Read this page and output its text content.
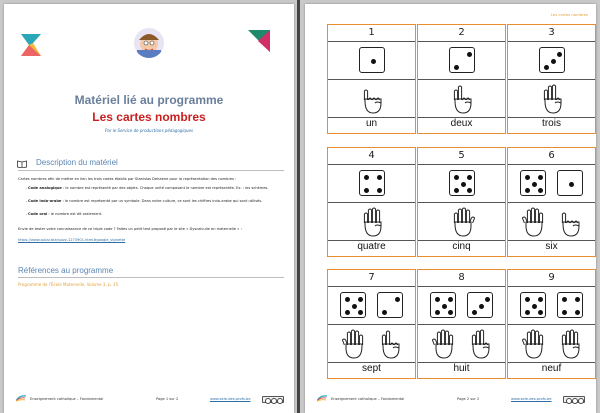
Matériel lié au programme
Les cartes nombres
Par le Service de productions pédagogiques
Description du matériel
Cartes nombres afin de mettre en lien les trois codes établis par Stanislas Dehaene pour la représentation des nombres :
- Code analogique : le nombre est représenté par des objets. Chaque unité composant le nombre est représentée. Ex. : les schèmes.
- Code indo-arabe : le nombre est représenté par un symbole. Dans notre culture, ce sont les chiffres indo-arabe qui sont utilisés.
- Code oral : le nombre est dit oralement.
Envie de tester votre connaissance de ce triple code ? Faites un petit test proposé par le site « Dyscalculie en maternelle » :
https://www.quizz.biz/quizz-1273901.html#google_vignette
Références au programme
Programme de l'École Maternelle, Volume 3, p. 35
Enseignement catholique – Fondamental	Page 1 sur 2	www.sele-des-profs.be
Les cartes nombres
1
un
2
deux
3
trois
4
quatre
5
cinq
6
six
7
sept
8
huit
9
neuf
Enseignement catholique – Fondamental	Page 2 sur 2	www.sele-des-profs.be
